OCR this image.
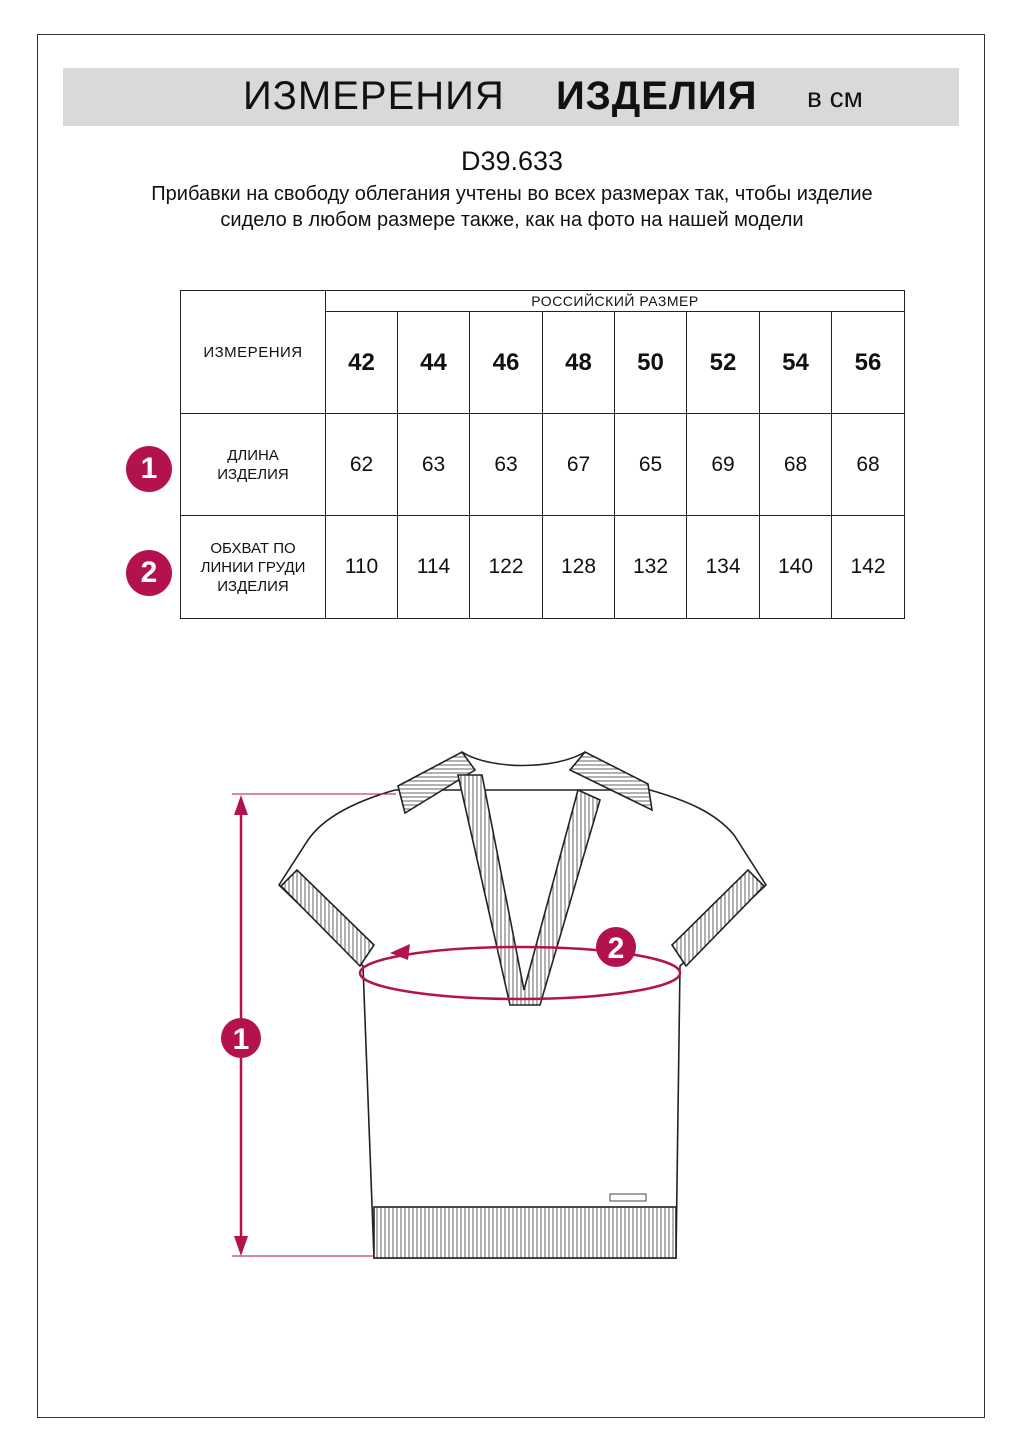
ИЗМЕРЕНИЯ ИЗДЕЛИЯ в см
D39.633
Прибавки на свободу облегания учтены во всех размерах так, чтобы изделие сидело в любом размере также, как на фото на нашей модели
ИЗМЕРЕНИЯ	РОССИЙСКИЙ РАЗМЕР							
	42	44	46	48	50	52	54	56
ДЛИНА
ИЗДЕЛИЯ	62	63	63	67	65	69	68	68
ОБХВАТ ПО
ЛИНИИ ГРУДИ
ИЗДЕЛИЯ	110	114	122	128	132	134	140	142
1
2
1
2
